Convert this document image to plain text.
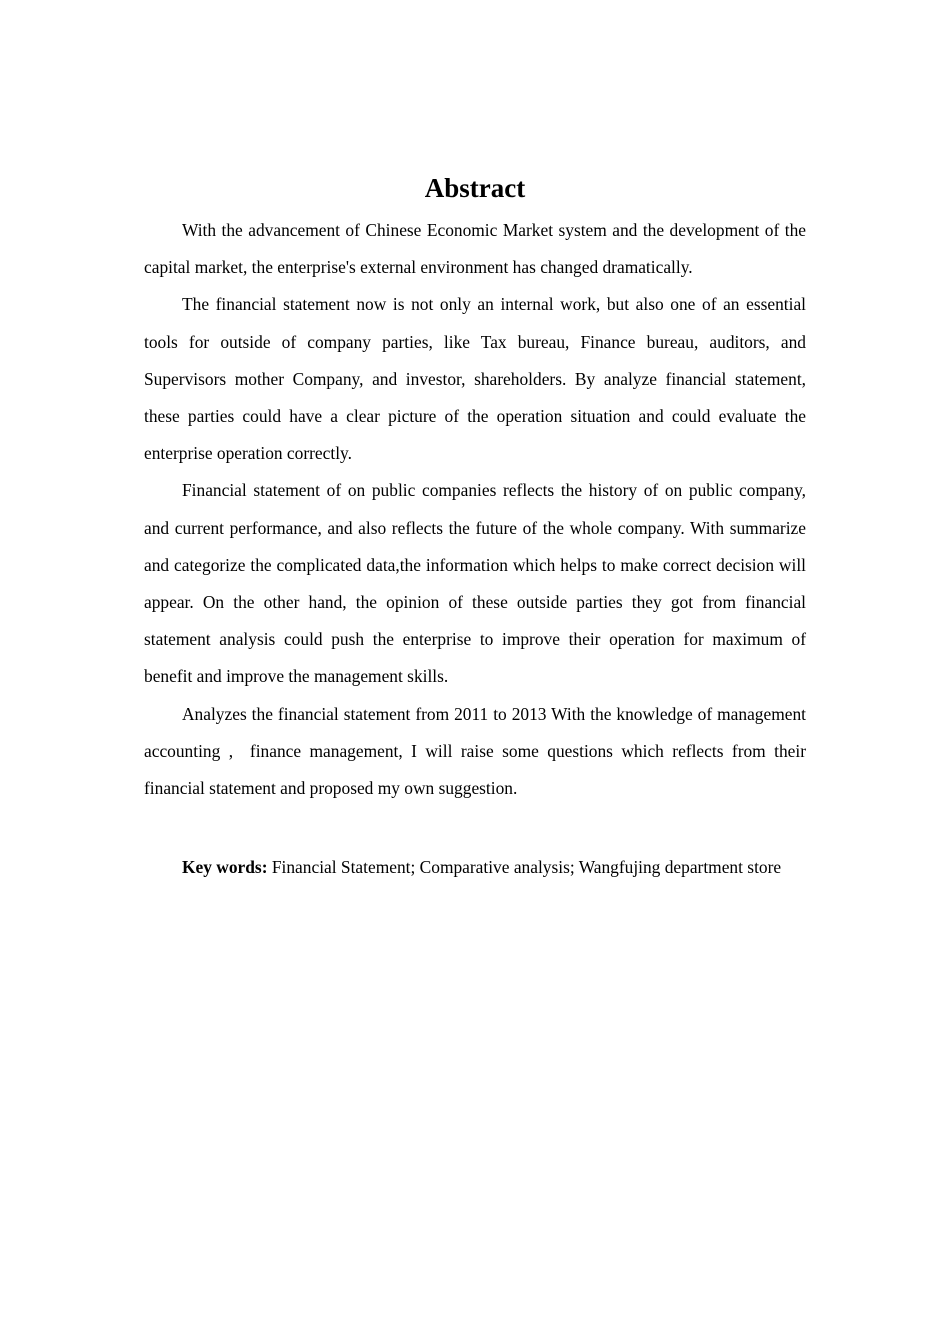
Abstract

With the advancement of Chinese Economic Market system and the development of the capital market, the enterprise's external environment has changed dramatically.

The financial statement now is not only an internal work, but also one of an essential tools for outside of company parties, like Tax bureau, Finance bureau, auditors, and Supervisors mother Company, and investor, shareholders. By analyze financial statement, these parties could have a clear picture of the operation situation and could evaluate the enterprise operation correctly.

Financial statement of on public companies reflects the history of on public company, and current performance, and also reflects the future of the whole company. With summarize and categorize the complicated data,the information which helps to make correct decision will appear. On the other hand, the opinion of these outside parties they got from financial statement analysis could push the enterprise to improve their operation for maximum of benefit and improve the management skills.

Analyzes the financial statement from 2011 to 2013 With the knowledge of management accounting ,  finance management, I will raise some questions which reflects from their financial statement and proposed my own suggestion.

Key words: Financial Statement; Comparative analysis; Wangfujing department store
